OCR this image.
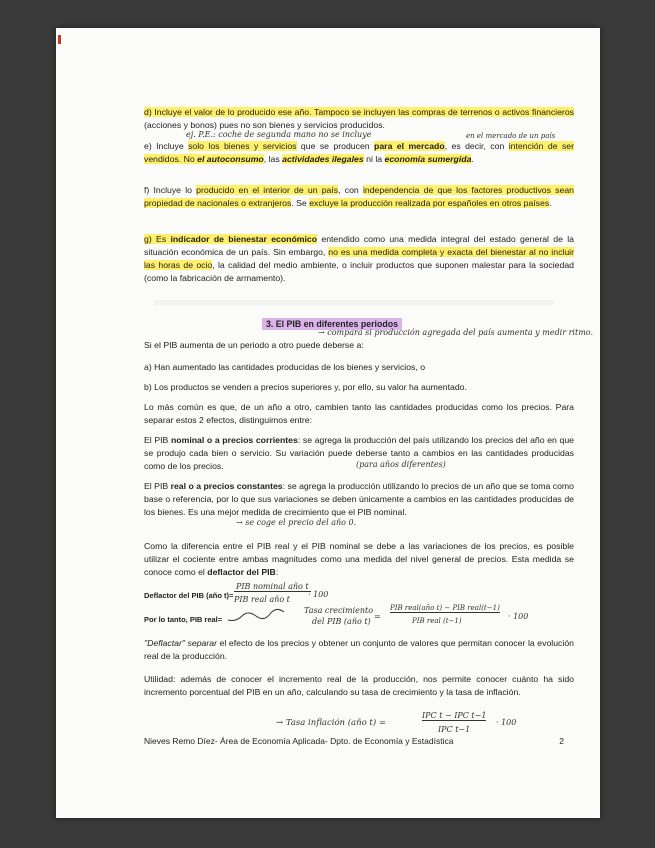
d) Incluye el valor de lo producido ese año. Tampoco se incluyen las compras de terrenos o activos financieros (acciones y bonos) pues no son bienes y servicios producidos.

ej. P.E.: coche de segunda mano no se incluye	en el mercado de un país

e) Incluye solo los bienes y servicios que se producen para el mercado, es decir, con intención de ser vendidos. No el autoconsumo, las actividades ilegales ni la economía sumergida.

f) Incluye lo producido en el interior de un país, con independencia de que los factores productivos sean propiedad de nacionales o extranjeros. Se excluye la producción realizada por españoles en otros países.

g) Es indicador de bienestar económico entendido como una medida integral del estado general de la situación económica de un país. Sin embargo, no es una medida completa y exacta del bienestar al no incluir las horas de ocio, la calidad del medio ambiente, o incluir productos que suponen malestar para la sociedad (como la fabricación de armamento).

3. El PIB en diferentes periodos
→ compara si producción agregada del país aumenta y medir ritmo.

Si el PIB aumenta de un periodo a otro puede deberse a:

a) Han aumentado las cantidades producidas de los bienes y servicios, o

b) Los productos se venden a precios superiores y, por ello, su valor ha aumentado.

Lo más común es que, de un año a otro, cambien tanto las cantidades producidas como los precios. Para separar estos 2 efectos, distinguimos entre:

El PIB nominal o a precios corrientes: se agrega la producción del país utilizando los precios del año en que se produjo cada bien o servicio. Su variación puede deberse tanto a cambios en las cantidades producidas como de los precios.	(para años diferentes)

El PIB real o a precios constantes: se agrega la producción utilizando lo precios de un año que se toma como base o referencia, por lo que sus variaciones se deben únicamente a cambios en las cantidades producidas de los bienes. Es una mejor medida de crecimiento que el PIB nominal.

→ se coge el precio del año 0.

Como la diferencia entre el PIB real y el PIB nominal se debe a las variaciones de los precios, es posible utilizar el cociente entre ambas magnitudes como una medida del nivel general de precios. Esta medida se conoce como el deflactor del PIB:

Deflactor del PIB (año t)=
PIB nominal año t
PIB real año t
· 100
Por lo tanto, PIB real=
Tasa crecimiento
del PIB (año t)
=
PIB real(año t) − PIB real(t−1)
PIB real (t−1)	· 100

"Deflactar" separar el efecto de los precios y obtener un conjunto de valores que permitan conocer la evolución real de la producción.

Utilidad: además de conocer el incremento real de la producción, nos permite conocer cuánto ha sido incremento porcentual del PIB en un año, calculando su tasa de crecimiento y la tasa de inflación.

→ Tasa inflación (año t) =
IPC t − IPC t−1
IPC t−1
· 100
Nieves Remo Díez- Área de Economía Aplicada- Dpto. de Economía y Estadística	2
